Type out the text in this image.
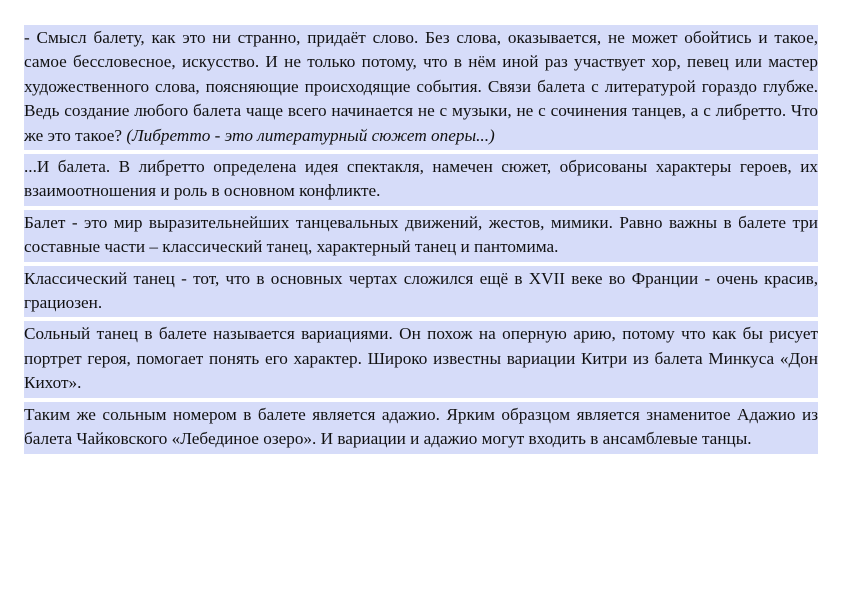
- Смысл балету, как это ни странно, придаёт слово. Без слова, оказывается, не может обойтись и такое, самое бессловесное, искусство. И не только потому, что в нём иной раз участвует хор, певец или мастер художественного слова, поясняющие происходящие события. Связи балета с литературой гораздо глубже. Ведь создание любого балета чаще всего начинается не с музыки, не с сочинения танцев, а с либретто. Что же это такое? (Либретто - это литературный сюжет оперы...)

...И балета. В либретто определена идея спектакля, намечен сюжет, обрисованы характеры героев, их взаимоотношения и роль в основном конфликте.

Балет - это мир выразительнейших танцевальных движений, жестов, мимики. Равно важны в балете три составные части – классический танец, характерный танец и пантомима.

Классический танец - тот, что в основных чертах сложился ещё в XVII веке во Франции - очень красив, грациозен.

Сольный танец в балете называется вариациями. Он похож на оперную арию, потому что как бы рисует портрет героя, помогает понять его характер. Широко известны вариации Китри из балета Минкуса «Дон Кихот».

Таким же сольным номером в балете является адажио. Ярким образцом является знаменитое Адажио из балета Чайковского «Лебединое озеро». И вариации и адажио могут входить в ансамблевые танцы.
